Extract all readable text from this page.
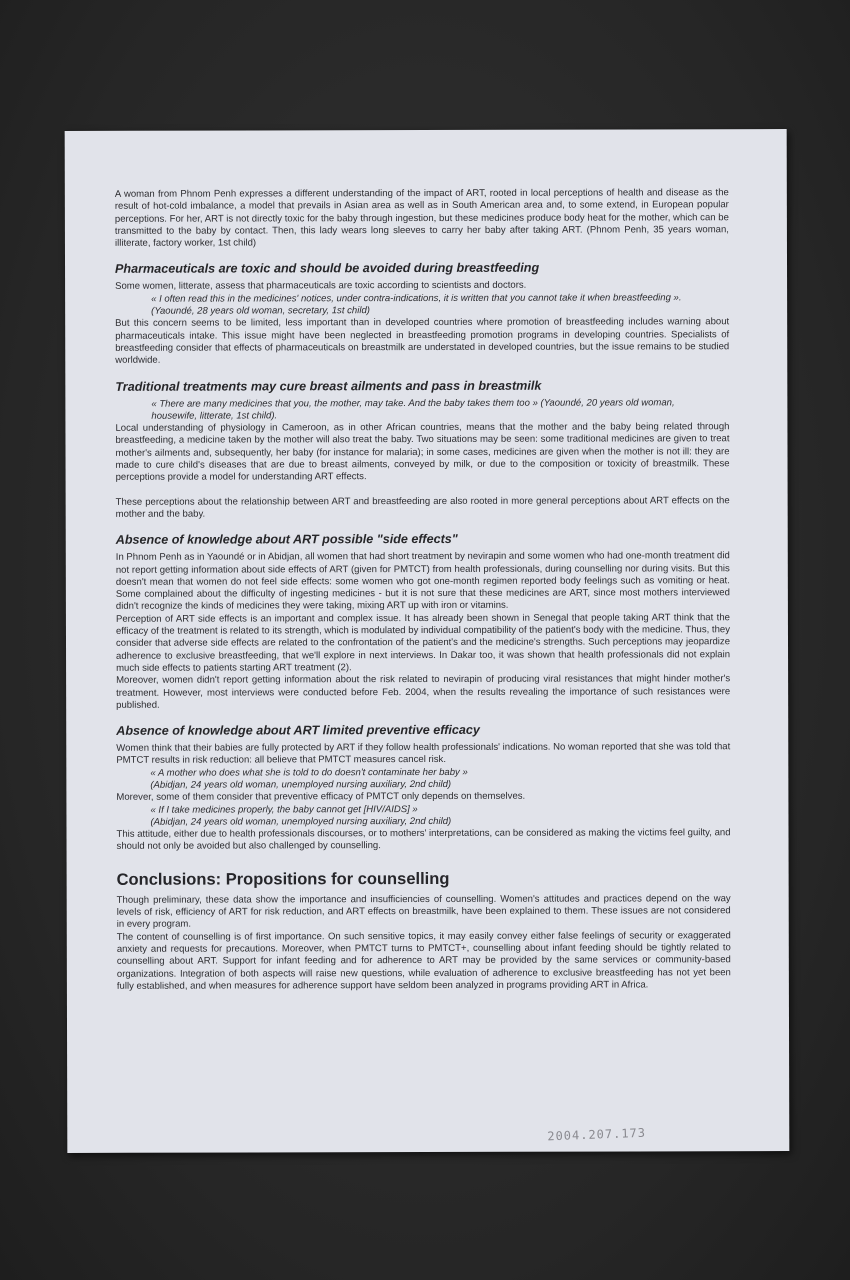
A woman from Phnom Penh expresses a different understanding of the impact of ART, rooted in local perceptions of health and disease as the result of hot-cold imbalance, a model that prevails in Asian area as well as in South American area and, to some extend, in European popular perceptions. For her, ART is not directly toxic for the baby through ingestion, but these medicines produce body heat for the mother, which can be transmitted to the baby by contact. Then, this lady wears long sleeves to carry her baby after taking ART. (Phnom Penh, 35 years woman, illiterate, factory worker, 1st child)

Pharmaceuticals are toxic and should be avoided during breastfeeding

Some women, litterate, assess that pharmaceuticals are toxic according to scientists and doctors.

« I often read this in the medicines' notices, under contra-indications, it is written that you cannot take it when breastfeeding ». (Yaoundé, 28 years old woman, secretary, 1st child)

But this concern seems to be limited, less important than in developed countries where promotion of breastfeeding includes warning about pharmaceuticals intake. This issue might have been neglected in breastfeeding promotion programs in developing countries. Specialists of breastfeeding consider that effects of pharmaceuticals on breastmilk are understated in developed countries, but the issue remains to be studied worldwide.

Traditional treatments may cure breast ailments and pass in breastmilk

« There are many medicines that you, the mother, may take. And the baby takes them too » (Yaoundé, 20 years old woman, housewife, litterate, 1st child).

Local understanding of physiology in Cameroon, as in other African countries, means that the mother and the baby being related through breastfeeding, a medicine taken by the mother will also treat the baby. Two situations may be seen: some traditional medicines are given to treat mother's ailments and, subsequently, her baby (for instance for malaria); in some cases, medicines are given when the mother is not ill: they are made to cure child's diseases that are due to breast ailments, conveyed by milk, or due to the composition or toxicity of breastmilk. These perceptions provide a model for understanding ART effects.

These perceptions about the relationship between ART and breastfeeding are also rooted in more general perceptions about ART effects on the mother and the baby.

Absence of knowledge about ART possible "side effects"

In Phnom Penh as in Yaoundé or in Abidjan, all women that had short treatment by nevirapin and some women who had one-month treatment did not report getting information about side effects of ART (given for PMTCT) from health professionals, during counselling nor during visits. But this doesn't mean that women do not feel side effects: some women who got one-month regimen reported body feelings such as vomiting or heat. Some complained about the difficulty of ingesting medicines - but it is not sure that these medicines are ART, since most mothers interviewed didn't recognize the kinds of medicines they were taking, mixing ART up with iron or vitamins.

Perception of ART side effects is an important and complex issue. It has already been shown in Senegal that people taking ART think that the efficacy of the treatment is related to its strength, which is modulated by individual compatibility of the patient's body with the medicine. Thus, they consider that adverse side effects are related to the confrontation of the patient's and the medicine's strengths. Such perceptions may jeopardize adherence to exclusive breastfeeding, that we'll explore in next interviews. In Dakar too, it was shown that health professionals did not explain much side effects to patients starting ART treatment (2).

Moreover, women didn't report getting information about the risk related to nevirapin of producing viral resistances that might hinder mother's treatment. However, most interviews were conducted before Feb. 2004, when the results revealing the importance of such resistances were published.

Absence of knowledge about ART limited preventive efficacy

Women think that their babies are fully protected by ART if they follow health professionals' indications. No woman reported that she was told that PMTCT results in risk reduction: all believe that PMTCT measures cancel risk.

« A mother who does what she is told to do doesn't contaminate her baby »

(Abidjan, 24 years old woman, unemployed nursing auxiliary, 2nd child)

Morever, some of them consider that preventive efficacy of PMTCT only depends on themselves.

« If I take medicines properly, the baby cannot get [HIV/AIDS] »

(Abidjan, 24 years old woman, unemployed nursing auxiliary, 2nd child)

This attitude, either due to health professionals discourses, or to mothers' interpretations, can be considered as making the victims feel guilty, and should not only be avoided but also challenged by counselling.

Conclusions: Propositions for counselling

Though preliminary, these data show the importance and insufficiencies of counselling. Women's attitudes and practices depend on the way levels of risk, efficiency of ART for risk reduction, and ART effects on breastmilk, have been explained to them. These issues are not considered in every program.

The content of counselling is of first importance. On such sensitive topics, it may easily convey either false feelings of security or exaggerated anxiety and requests for precautions. Moreover, when PMTCT turns to PMTCT+, counselling about infant feeding should be tightly related to counselling about ART. Support for infant feeding and for adherence to ART may be provided by the same services or community-based organizations. Integration of both aspects will raise new questions, while evaluation of adherence to exclusive breastfeeding has not yet been fully established, and when measures for adherence support have seldom been analyzed in programs providing ART in Africa.

2004.207.173
